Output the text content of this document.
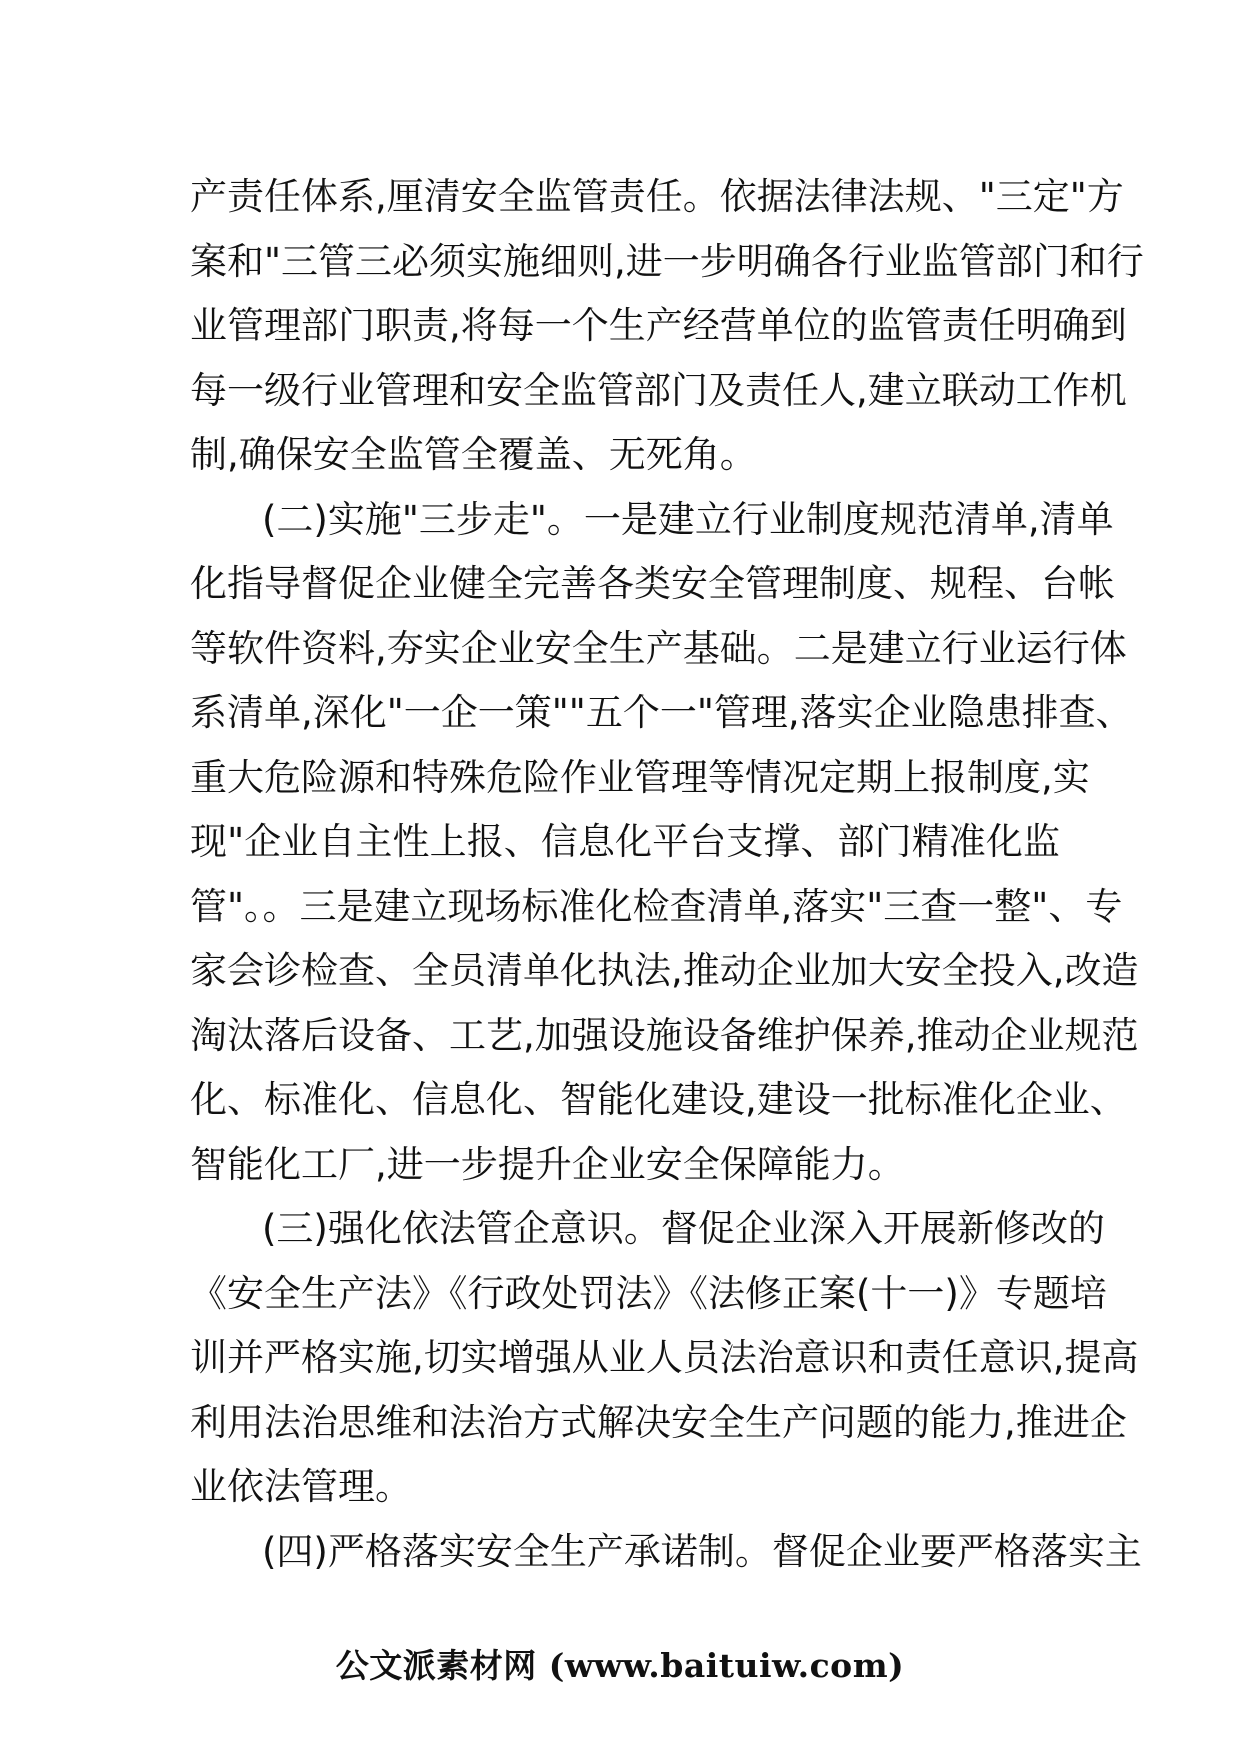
产责任体系,厘清安全监管责任。依据法律法规、"三定"方
案和"三管三必须实施细则,进一步明确各行业监管部门和行
业管理部门职责,将每一个生产经营单位的监管责任明确到
每一级行业管理和安全监管部门及责任人,建立联动工作机
制,确保安全监管全覆盖、无死角。
(二)实施"三步走"。一是建立行业制度规范清单,清单
化指导督促企业健全完善各类安全管理制度、规程、台帐
等软件资料,夯实企业安全生产基础。二是建立行业运行体
系清单,深化"一企一策""五个一"管理,落实企业隐患排查、
重大危险源和特殊危险作业管理等情况定期上报制度,实
现"企业自主性上报、信息化平台支撑、部门精准化监
管"。。三是建立现场标准化检查清单,落实"三查一整"、专
家会诊检查、全员清单化执法,推动企业加大安全投入,改造
淘汰落后设备、工艺,加强设施设备维护保养,推动企业规范
化、标准化、信息化、智能化建设,建设一批标准化企业、
智能化工厂,进一步提升企业安全保障能力。
(三)强化依法管企意识。督促企业深入开展新修改的
《安全生产法》《行政处罚法》《法修正案(十一)》专题培
训并严格实施,切实增强从业人员法治意识和责任意识,提高
利用法治思维和法治方式解决安全生产问题的能力,推进企
业依法管理。
(四)严格落实安全生产承诺制。督促企业要严格落实主
公文派素材网 (www.baituiw.com)
